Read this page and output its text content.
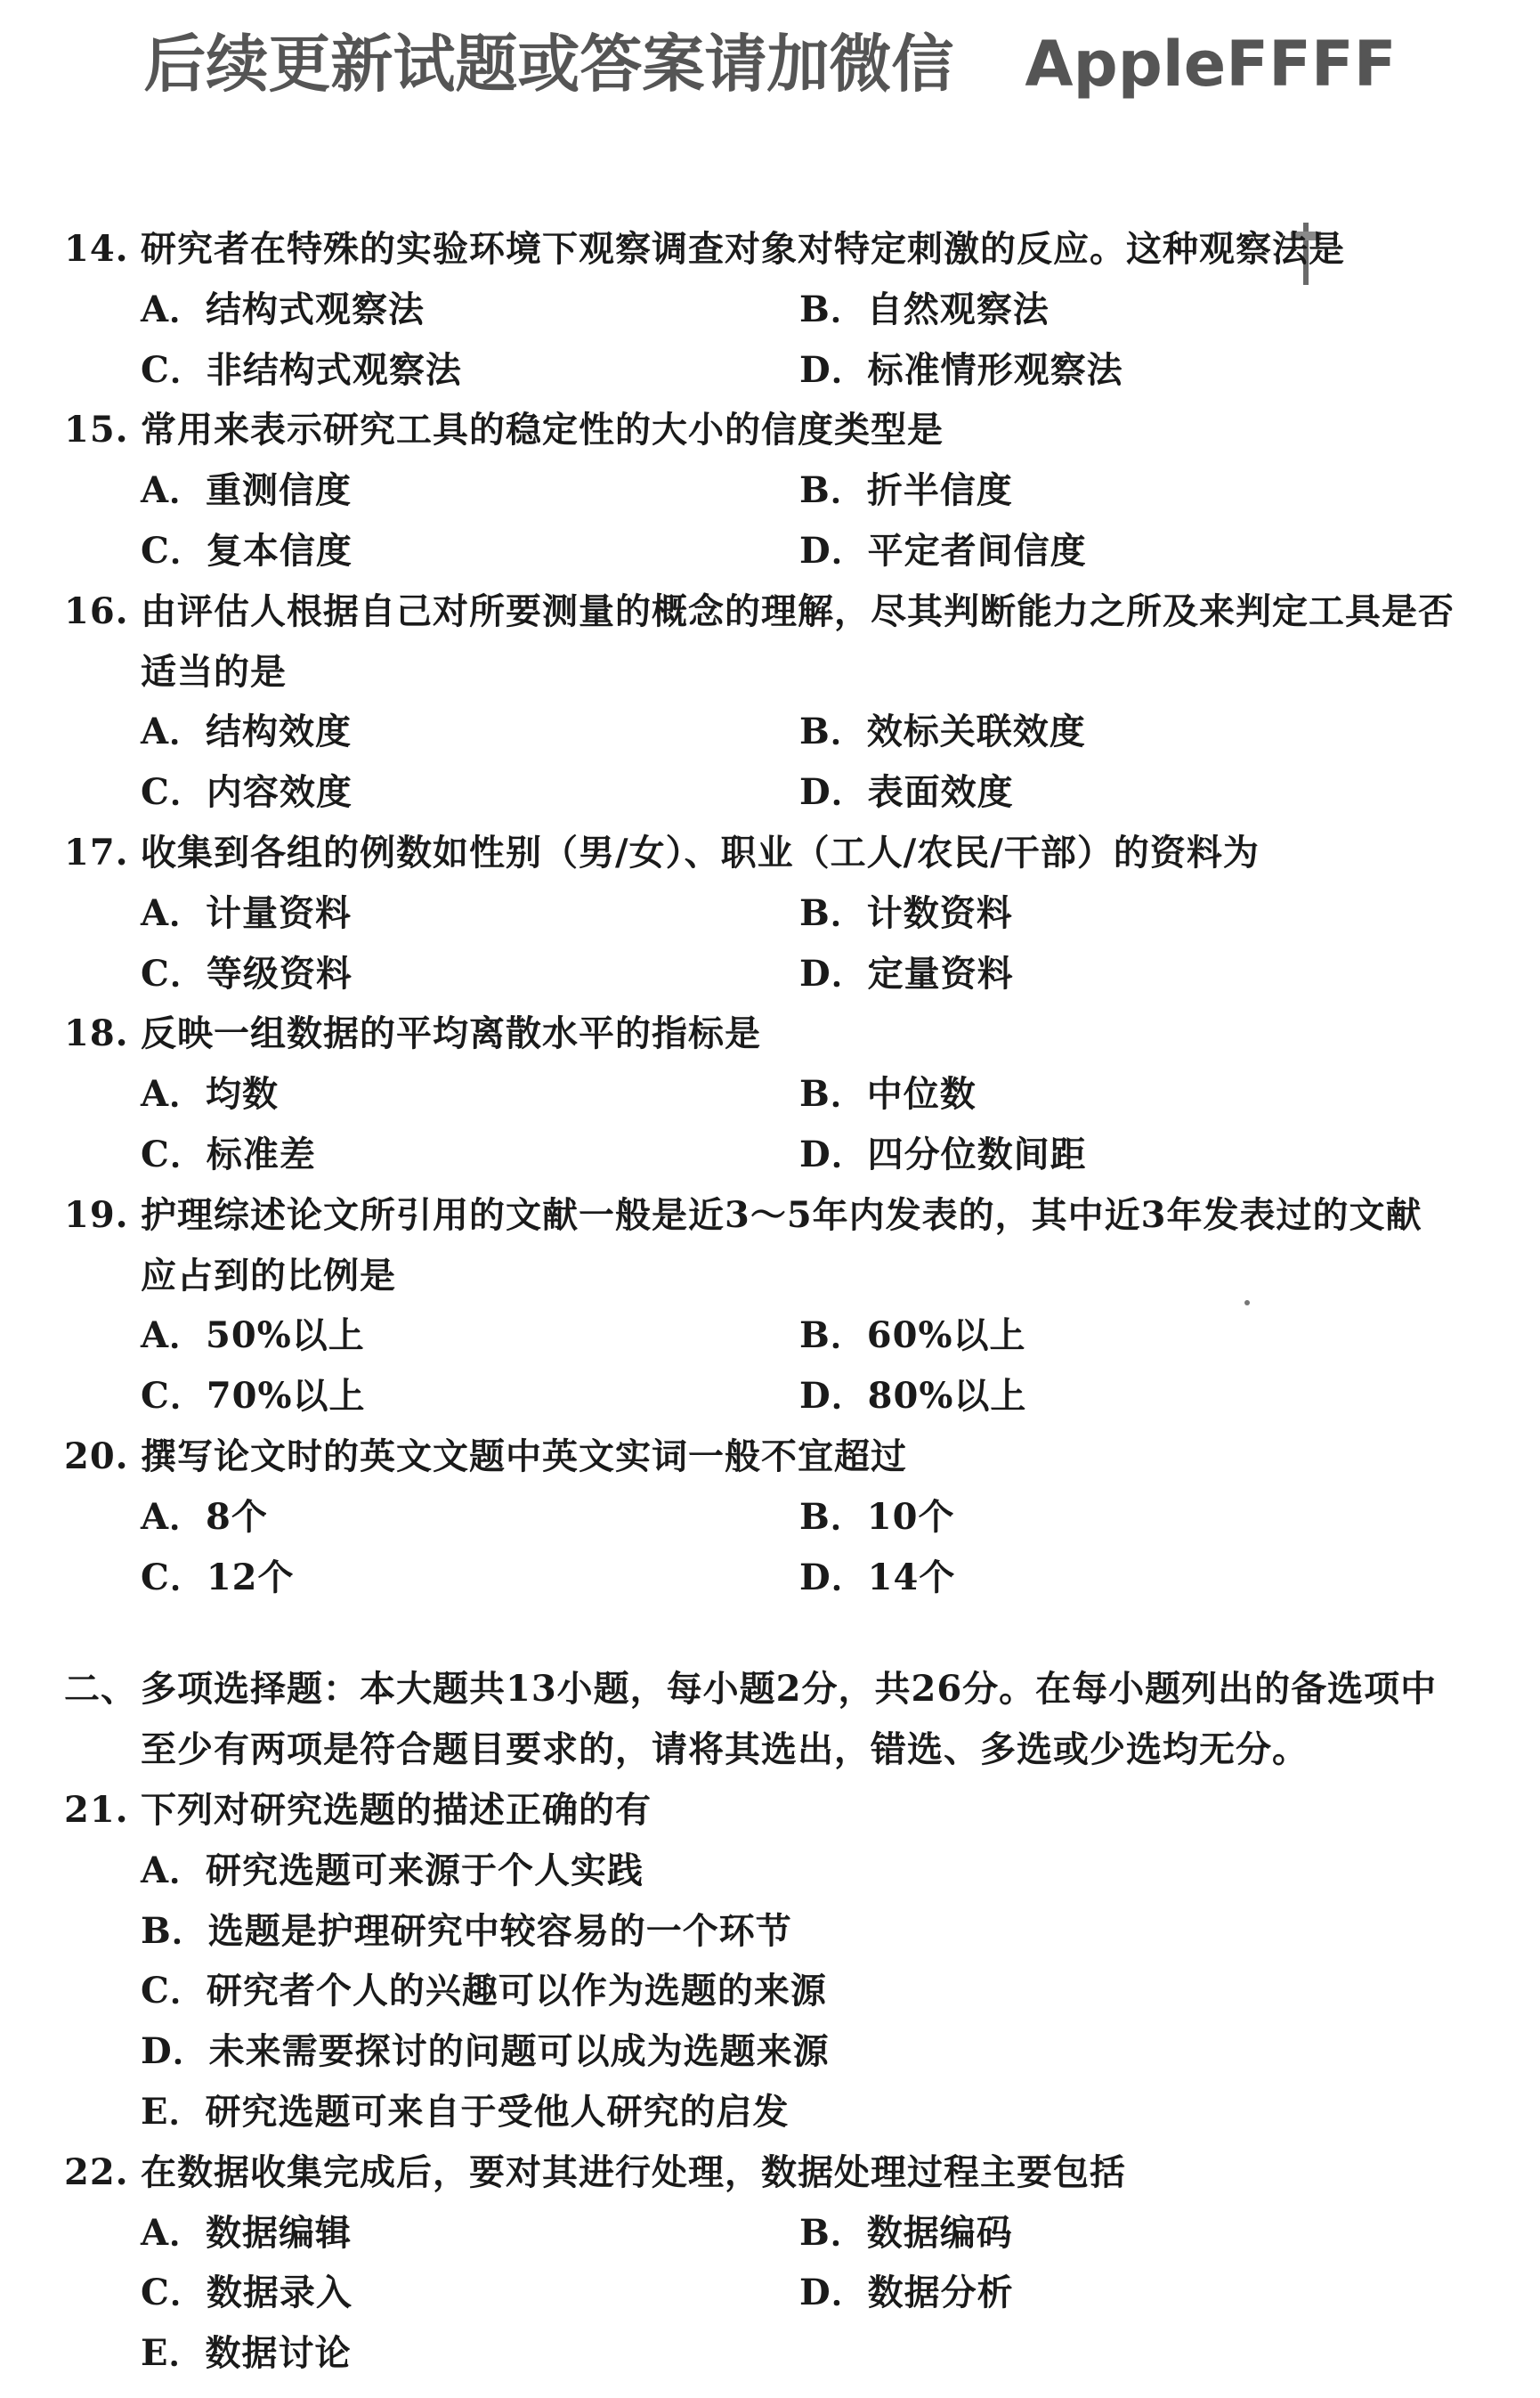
后续更新试题或答案请加微信 AppleFFFF
14. 研究者在特殊的实验环境下观察调查对象对特定刺激的反应。这种观察法是
A．结构式观察法	B．自然观察法
C．非结构式观察法	D．标准情形观察法
15. 常用来表示研究工具的稳定性的大小的信度类型是
A．重测信度	B．折半信度
C．复本信度	D．平定者间信度
16. 由评估人根据自己对所要测量的概念的理解，尽其判断能力之所及来判定工具是否
适当的是
A．结构效度	B．效标关联效度
C．内容效度	D．表面效度
17. 收集到各组的例数如性别（男/女）、职业（工人/农民/干部）的资料为
A．计量资料	B．计数资料
C．等级资料	D．定量资料
18. 反映一组数据的平均离散水平的指标是
A．均数	B．中位数
C．标准差	D．四分位数间距
19. 护理综述论文所引用的文献一般是近3～5年内发表的，其中近3年发表过的文献
应占到的比例是
A．50%以上	B．60%以上
C．70%以上	D．80%以上
20. 撰写论文时的英文文题中英文实词一般不宜超过
A．8个	B．10个
C．12个	D．14个
二、 多项选择题：本大题共13小题，每小题2分，共26分。在每小题列出的备选项中
至少有两项是符合题目要求的，请将其选出，错选、多选或少选均无分。
21. 下列对研究选题的描述正确的有
A．研究选题可来源于个人实践
B．选题是护理研究中较容易的一个环节
C．研究者个人的兴趣可以作为选题的来源
D．未来需要探讨的问题可以成为选题来源
E．研究选题可来自于受他人研究的启发
22. 在数据收集完成后，要对其进行处理，数据处理过程主要包括
A．数据编辑	B．数据编码
C．数据录入	D．数据分析
E．数据讨论
